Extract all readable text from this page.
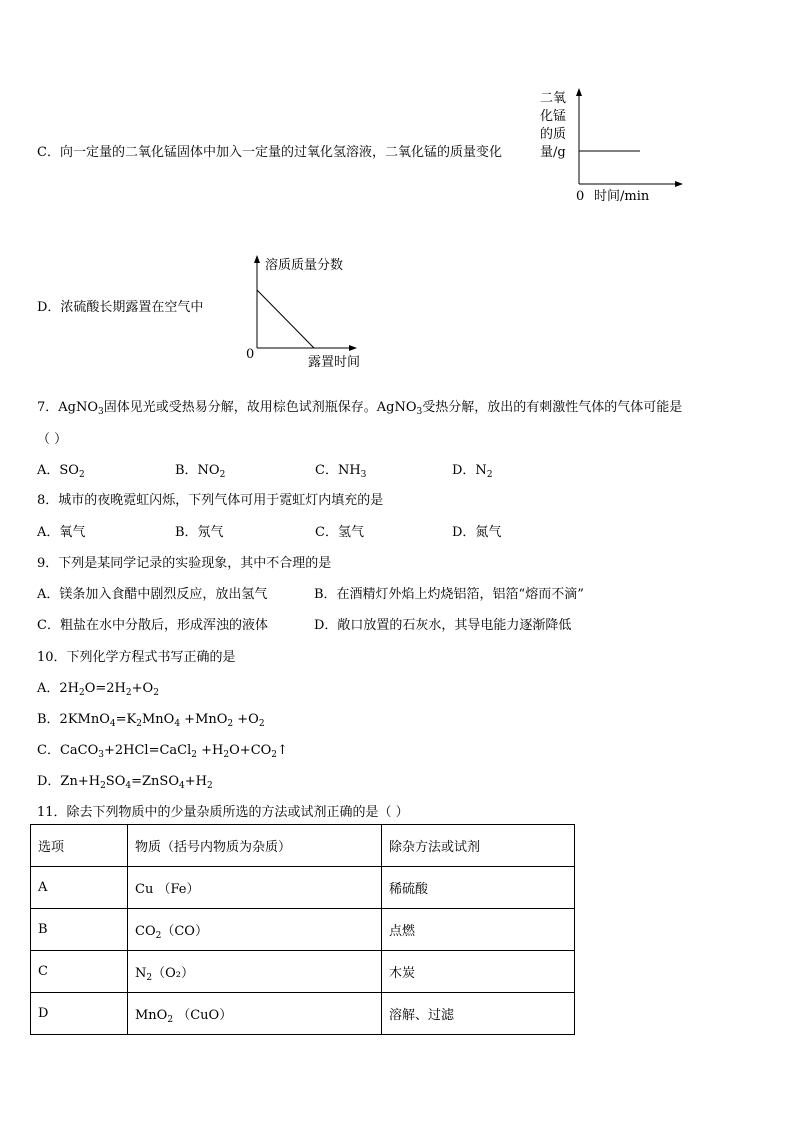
C．向一定量的二氧化锰固体中加入一定量的过氧化氢溶液，二氧化锰的质量变化
二氧
化锰
的质
量/g
0 时间/min
D．浓硫酸长期露置在空气中
溶质质量分数
0
露置时间
7．AgNO$_3$固体见光或受热易分解，故用棕色试剂瓶保存。AgNO$_3$受热分解，放出的有刺激性气体的气体可能是
（ ）
A．$SO_2$	B．$NO_2$	C．$NH_3$	D．$N_2$
8．城市的夜晚霓虹闪烁，下列气体可用于霓虹灯内填充的是
A．氧气	B．氖气	C．氢气	D．氮气
9．下列是某同学记录的实验现象，其中不合理的是
A．镁条加入食醋中剧烈反应，放出氢气	B．在酒精灯外焰上灼烧铝箔，铝箔“熔而不滴”
C．粗盐在水中分散后，形成浑浊的液体	D．敞口放置的石灰水，其导电能力逐渐降低
10．下列化学方程式书写正确的是
A．$2H_2O=2H_2+O_2$
B．$2KMnO_4=K_2MnO_4 +MnO_2 +O_2$
C．CaCO$_3$+2HCl=CaCl$_2$ $+H_2O+CO_2↑$
D．$Zn+H_2SO_4=ZnSO_4+H_2$
11．除去下列物质中的少量杂质所选的方法或试剂正确的是（ ）
选项	物质（括号内物质为杂质）	除杂方法或试剂
A	Cu （Fe）	稀硫酸
B	$CO_2(CO)$	点燃
C	$N_2(O_2)$	木炭
D	MnO$_2$ （CuO）	溶解、过滤
